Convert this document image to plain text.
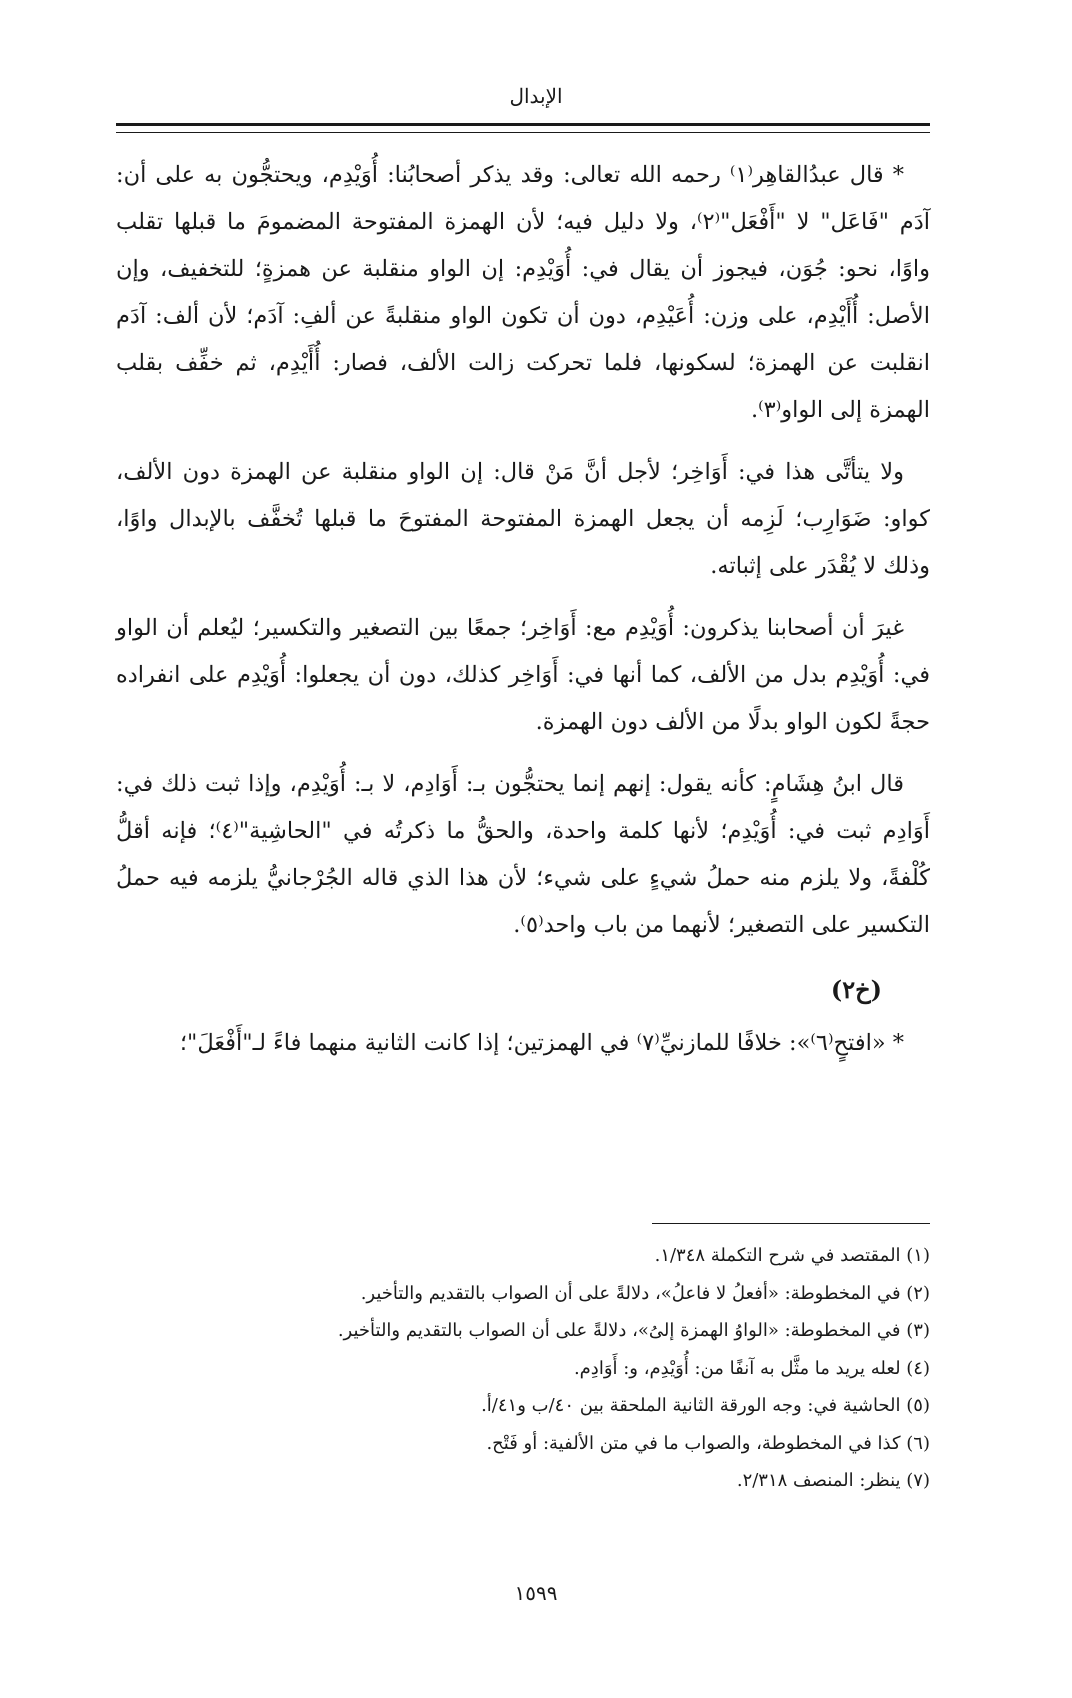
الإبدال

* قال عبدُالقاهِر⁽١⁾ رحمه الله تعالى: وقد يذكر أصحابُنا: أُوَيْدِم، ويحتجُّون به على أن: آدَم "فَاعَل" لا "أَفْعَل"⁽٢⁾، ولا دليل فيه؛ لأن الهمزة المفتوحة المضمومَ ما قبلها تقلب واوًا، نحو: جُوَن، فيجوز أن يقال في: أُوَيْدِم: إن الواو منقلبة عن همزةٍ؛ للتخفيف، وإن الأصل: أُأَيْدِم، على وزن: أُعَيْدِم، دون أن تكون الواو منقلبةً عن ألفِ: آدَم؛ لأن ألف: آدَم انقلبت عن الهمزة؛ لسكونها، فلما تحركت زالت الألف، فصار: أُأَيْدِم، ثم خفِّف بقلب الهمزة إلى الواو⁽٣⁾.

ولا يتأتَّى هذا في: أَوَاخِر؛ لأجل أنَّ مَنْ قال: إن الواو منقلبة عن الهمزة دون الألف، كواو: ضَوَارِب؛ لَزِمه أن يجعل الهمزة المفتوحة المفتوحَ ما قبلها تُخفَّف بالإبدال واوًا، وذلك لا يُقْدَر على إثباته.

غيرَ أن أصحابنا يذكرون: أُوَيْدِم مع: أَوَاخِر؛ جمعًا بين التصغير والتكسير؛ ليُعلم أن الواو في: أُوَيْدِم بدل من الألف، كما أنها في: أَوَاخِر كذلك، دون أن يجعلوا: أُوَيْدِم على انفراده حجةً لكون الواو بدلًا من الألف دون الهمزة.

قال ابنُ هِشَامٍ: كأنه يقول: إنهم إنما يحتجُّون بـ: أَوَادِم، لا بـ: أُوَيْدِم، وإذا ثبت ذلك في: أَوَادِم ثبت في: أُوَيْدِم؛ لأنها كلمة واحدة، والحقُّ ما ذكرتُه في "الحاشِية"⁽٤⁾؛ فإنه أقلُّ كُلْفةً، ولا يلزم منه حملُ شيءٍ على شيء؛ لأن هذا الذي قاله الجُرْجانيُّ يلزمه فيه حملُ التكسير على التصغير؛ لأنهما من باب واحد⁽٥⁾.

(خ٢)

* «افتحٍ⁽٦⁾»: خلافًا للمازنيِّ⁽٧⁾ في الهمزتين؛ إذا كانت الثانية منهما فاءً لـ"أَفْعَلَ"؛

(١) المقتصد في شرح التكملة ١/٣٤٨.
(٢) في المخطوطة: «أفعلُ لا فاعلُ»، دلالةً على أن الصواب بالتقديم والتأخير.
(٣) في المخطوطة: «الواوُ الهمزة إلىُ»، دلالةً على أن الصواب بالتقديم والتأخير.
(٤) لعله يريد ما مثَّل به آنفًا من: أُوَيْدِم، و: أَوَادِم.
(٥) الحاشية في: وجه الورقة الثانية الملحقة بين ٤٠/ب و٤١/أ.
(٦) كذا في المخطوطة، والصواب ما في متن الألفية: أو فَتْح.
(٧) ينظر: المنصف ٢/٣١٨.
١٥٩٩
